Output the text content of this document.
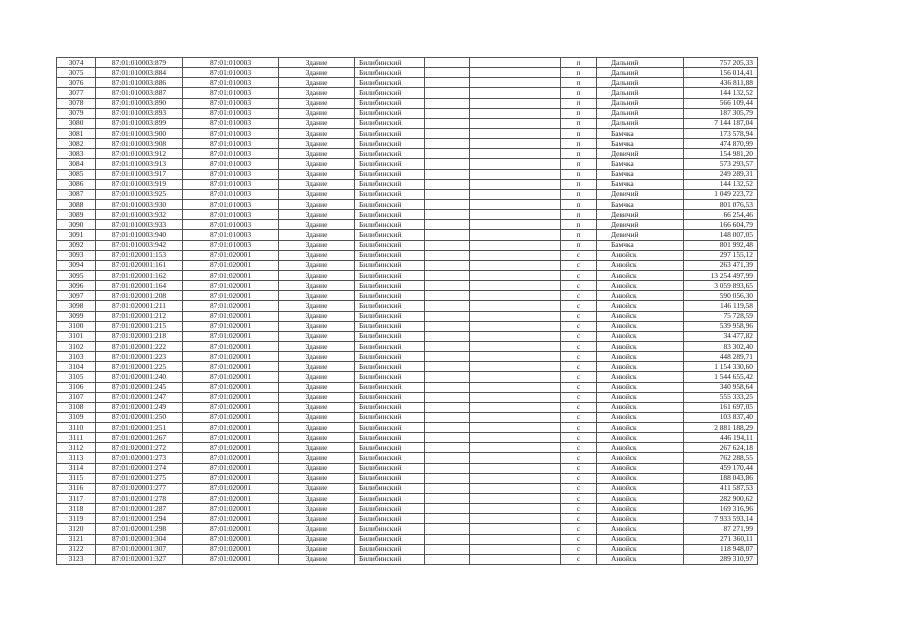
3074	87:01:010003:879	87:01:010003	Здание	Билибинский			п	Дальний	757 205,33
3075	87:01:010003:884	87:01:010003	Здание	Билибинский			п	Дальний	156 014,41
3076	87:01:010003:886	87:01:010003	Здание	Билибинский			п	Дальний	436 811,88
3077	87:01:010003:887	87:01:010003	Здание	Билибинский			п	Дальний	144 132,52
3078	87:01:010003:890	87:01:010003	Здание	Билибинский			п	Дальний	566 109,44
3079	87:01:010003:893	87:01:010003	Здание	Билибинский			п	Дальний	187 305,79
3080	87:01:010003:899	87:01:010003	Здание	Билибинский			п	Дальний	7 144 187,04
3081	87:01:010003:900	87:01:010003	Здание	Билибинский			п	Бамчка	173 578,94
3082	87:01:010003:908	87:01:010003	Здание	Билибинский			п	Бамчка	474 870,99
3083	87:01:010003:912	87:01:010003	Здание	Билибинский			п	Девичий	154 981,20
3084	87:01:010003:913	87:01:010003	Здание	Билибинский			п	Бамчка	573 293,57
3085	87:01:010003:917	87:01:010003	Здание	Билибинский			п	Бамчка	249 289,31
3086	87:01:010003:919	87:01:010003	Здание	Билибинский			п	Бамчка	144 132,52
3087	87:01:010003:925	87:01:010003	Здание	Билибинский			п	Девичий	1 049 223,72
3088	87:01:010003:930	87:01:010003	Здание	Билибинский			п	Бамчка	801 076,53
3089	87:01:010003:932	87:01:010003	Здание	Билибинский			п	Девичий	66 254,46
3090	87:01:010003:933	87:01:010003	Здание	Билибинский			п	Девичий	166 604,79
3091	87:01:010003:940	87:01:010003	Здание	Билибинский			п	Девичий	148 007,05
3092	87:01:010003:942	87:01:010003	Здание	Билибинский			п	Бамчка	801 992,48
3093	87:01:020001:153	87:01:020001	Здание	Билибинский			с	Анюйск	297 155,12
3094	87:01:020001:161	87:01:020001	Здание	Билибинский			с	Анюйск	263 471,39
3095	87:01:020001:162	87:01:020001	Здание	Билибинский			с	Анюйск	13 254 497,99
3096	87:01:020001:164	87:01:020001	Здание	Билибинский			с	Анюйск	3 059 893,65
3097	87:01:020001:208	87:01:020001	Здание	Билибинский			с	Анюйск	590 056,30
3098	87:01:020001:211	87:01:020001	Здание	Билибинский			с	Анюйск	146 119,58
3099	87:01:020001:212	87:01:020001	Здание	Билибинский			с	Анюйск	75 728,59
3100	87:01:020001:215	87:01:020001	Здание	Билибинский			с	Анюйск	539 958,96
3101	87:01:020001:218	87:01:020001	Здание	Билибинский			с	Анюйск	34 477,82
3102	87:01:020001:222	87:01:020001	Здание	Билибинский			с	Анюйск	83 302,40
3103	87:01:020001:223	87:01:020001	Здание	Билибинский			с	Анюйск	448 289,71
3104	87:01:020001:225	87:01:020001	Здание	Билибинский			с	Анюйск	1 154 330,60
3105	87:01:020001:240	87:01:020001	Здание	Билибинский			с	Анюйск	1 544 655,42
3106	87:01:020001:245	87:01:020001	Здание	Билибинский			с	Анюйск	340 958,64
3107	87:01:020001:247	87:01:020001	Здание	Билибинский			с	Анюйск	555 333,25
3108	87:01:020001:249	87:01:020001	Здание	Билибинский			с	Анюйск	161 697,05
3109	87:01:020001:250	87:01:020001	Здание	Билибинский			с	Анюйск	103 837,40
3110	87:01:020001:251	87:01:020001	Здание	Билибинский			с	Анюйск	2 881 188,29
3111	87:01:020001:267	87:01:020001	Здание	Билибинский			с	Анюйск	446 194,11
3112	87:01:020001:272	87:01:020001	Здание	Билибинский			с	Анюйск	267 624,18
3113	87:01:020001:273	87:01:020001	Здание	Билибинский			с	Анюйск	762 288,55
3114	87:01:020001:274	87:01:020001	Здание	Билибинский			с	Анюйск	459 170,44
3115	87:01:020001:275	87:01:020001	Здание	Билибинский			с	Анюйск	188 043,86
3116	87:01:020001:277	87:01:020001	Здание	Билибинский			с	Анюйск	411 587,53
3117	87:01:020001:278	87:01:020001	Здание	Билибинский			с	Анюйск	282 900,62
3118	87:01:020001:287	87:01:020001	Здание	Билибинский			с	Анюйск	169 316,96
3119	87:01:020001:294	87:01:020001	Здание	Билибинский			с	Анюйск	7 933 593,14
3120	87:01:020001:298	87:01:020001	Здание	Билибинский			с	Анюйск	87 271,99
3121	87:01:020001:304	87:01:020001	Здание	Билибинский			с	Анюйск	271 360,11
3122	87:01:020001:307	87:01:020001	Здание	Билибинский			с	Анюйск	118 948,07
3123	87:01:020001:327	87:01:020001	Здание	Билибинский			с	Анюйск	289 310,97
